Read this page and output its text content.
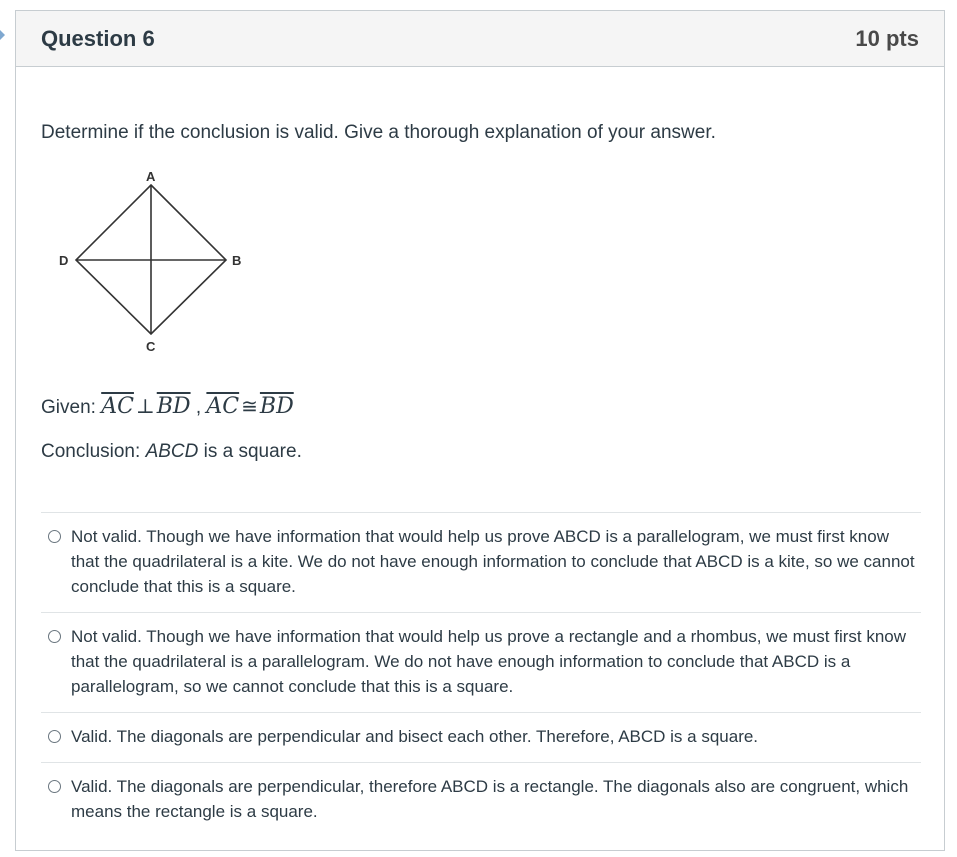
Question 6	10 pts
Determine if the conclusion is valid. Give a thorough explanation of your answer.
A
B
C
D
Given: $\overline{AC}$ $\perp\overline{BD}$ , $\overline{AC}$ $≅\overline{BD}$
Conclusion: ABCD is a square.
Not valid. Though we have information that would help us prove ABCD is a parallelogram, we must first know that the quadrilateral is a kite. We do not have enough information to conclude that ABCD is a kite, so we cannot conclude that this is a square.
Not valid. Though we have information that would help us prove a rectangle and a rhombus, we must first know that the quadrilateral is a parallelogram. We do not have enough information to conclude that ABCD is a parallelogram, so we cannot conclude that this is a square.
Valid. The diagonals are perpendicular and bisect each other. Therefore, ABCD is a square.
Valid. The diagonals are perpendicular, therefore ABCD is a rectangle. The diagonals also are congruent, which means the rectangle is a square.
